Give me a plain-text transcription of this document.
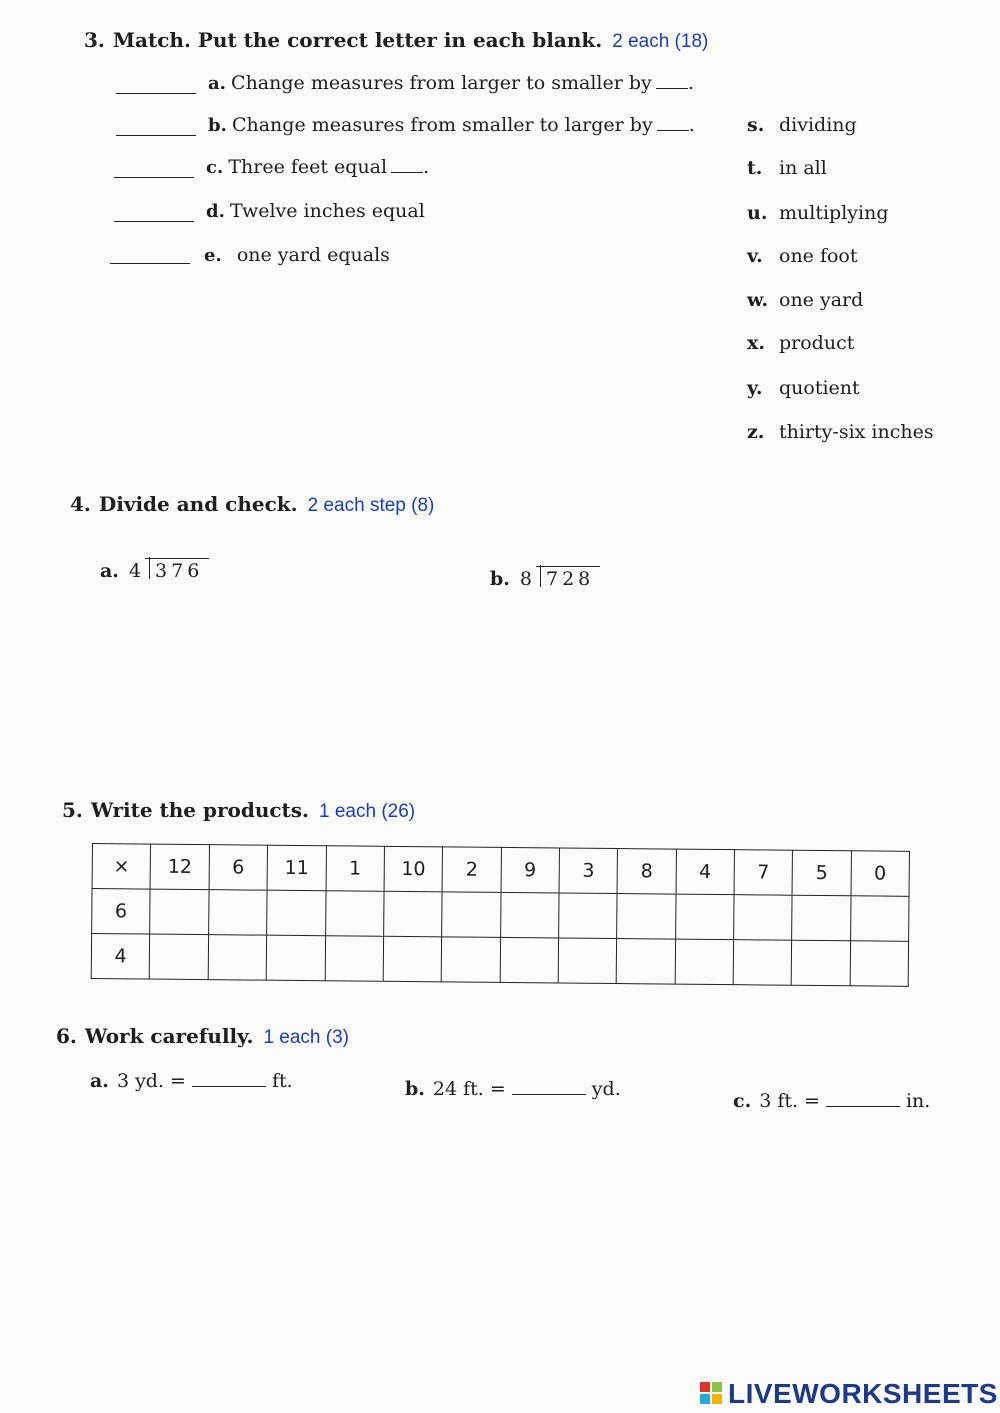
3. Match. Put the correct letter in each blank. 2 each (18)
a. Change measures from larger to smaller by .
b. Change measures from smaller to larger by .
c. Three feet equal .
d. Twelve inches equal
e. one yard equals
s. dividing
t. in all
u. multiplying
v. one foot
w. one yard
x. product
y. quotient
z. thirty-six inches
4. Divide and check. 2 each step (8)
a. 4 376	b. 8 728
5. Write the products. 1 each (26)
×	12	6	11	1	10	2	9	3	8	4	7	5	0
6													
4													
6. Work carefully. 1 each (3)
a. 3 yd. =	ft.	b. 24 ft. =	yd.
c. 3 ft. =	in.
LIVEWORKSHEETS
